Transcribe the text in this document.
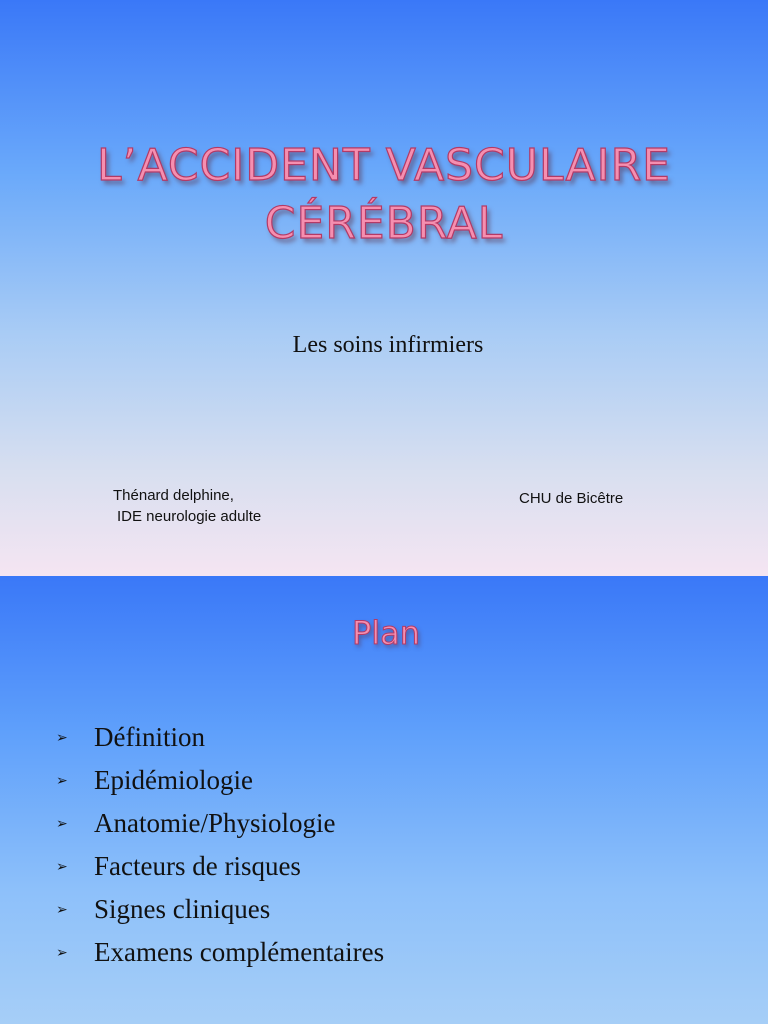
L’ACCIDENT VASCULAIRE
CÉRÉBRAL
Les soins infirmiers
Thénard delphine,
IDE neurologie adulte
CHU de Bicêtre
Plan
➢ Définition
➢ Epidémiologie
➢ Anatomie/Physiologie
➢ Facteurs de risques
➢ Signes cliniques
➢ Examens complémentaires
